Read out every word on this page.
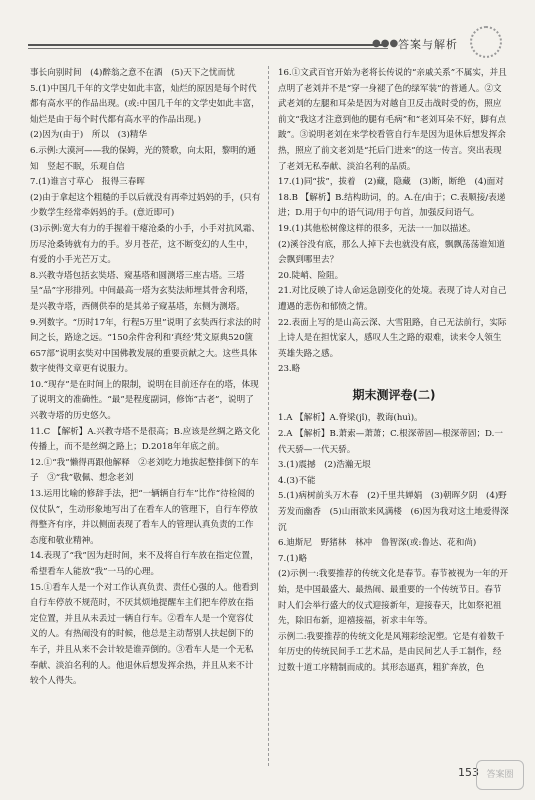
●●● 答案与解析

事长向别时间　(4)醉翁之意不在酒　(5)天下之忧而忧

5.(1)中国几千年的文学史如此丰富，灿烂的原因是每个时代都有高水平的作品出现。(或:中国几千年的文学史如此丰富，灿烂是由于每个时代都有高水平的作品出现。)

(2)因为(由于)　所以　(3)精华

6.示例:大漠河——我的保姆，光的赞歌，向太阳，黎明的通知　竖起不眠，乐观自信

7.(1)谁言寸草心　报得三春晖

(2)由于拿起这个粗糙的手以后就没有再牵过妈妈的手，(只有少数学生经常牵妈妈的手。(意近即可)

(3)示例:宽大有力的手握着干瘪沧桑的小手，小手对抗风霜、历尽沧桑铸就有力的手。岁月苍茫，这不断变幻的人生中，有爱的小手光芒万丈。

8.兴教寺塔包括玄奘塔、窥基塔和圆测塔三座古塔。三塔呈“品”字形排列。中间最高一塔为玄奘法师埋其骨舍利塔，是兴教寺塔，西侧供奉的是其弟子窥基塔，东侧为测塔。

9.列数字。“历时17年，行程5万里”说明了玄奘西行求法的时间之长，路途之远。“150余件舍利和‘真经’梵文原典520箧657部”说明玄奘对中国佛教发展的重要贡献之大。这些具体数字使得文章更有说服力。

10.“现存”是在时间上的限制，说明在目前还存在的塔，体现了说明文的准确性。“最”是程度副词，修饰“古老”，说明了兴教寺塔的历史悠久。

11.C 【解析】A.兴教寺塔不是很高；B.应该是丝绸之路文化传播上，而不是丝绸之路上；D.2018年年底之前。

12.①“我”懒得再跟他解释　②老刘吃力地拔起整排倒下的车子　③“我”敬佩、想念老刘

13.运用比喻的修辞手法，把“一辆辆自行车”比作“待检阅的仪仗队”，生动形象地写出了在看车人的管理下，自行车停放得整齐有序，并以侧面表现了看车人的管理认真负责的工作态度和敬业精神。

14.表现了“我”因为赶时间，来不及将自行车放在指定位置，希望看车人能放“我”一马的心理。

15.①看车人是一个对工作认真负责、责任心强的人。他看到自行车停放不规范时，不厌其烦地提醒车主们把车停放在指定位置，并且从未丢过一辆自行车。②看车人是一个宽容仗义的人。有热闹没有的时候，他总是主动帮别人扶起倒下的车子，并且从来不会计较是谁弄倒的。③看车人是一个无私奉献、淡泊名利的人。他退休后想发挥余热，并且从来不计较个人得失。

16.①文武百官开始为老将长传说的“亲戚关系”不属实，并且点明了老刘并不是“穿一身褪了色的绿军装”的普通人。②文武老刘的左腿和耳朵是因为对越自卫反击战时受的伤，照应前文“我这才注意到他的腿有毛病”和“老刘耳朵不好，脚有点跛”。③说明老刘在来学校看管自行车是因为退休后想发挥余热，照应了前文老刘是“托后门进来”的这一传言。突出表现了老刘无私奉献、淡泊名利的品质。

17.(1)同“拔”，拔着　(2)藏，隐藏　(3)断，断绝　(4)面对

18.B 【解析】B.结构助词，的。A.在/由于；C.表顺接/表递进；D.用于句中的语气词/用于句首，加强反问语气。

19.(1)其他松树像这样的很多，无法一一加以描述。

(2)溪谷没有底，那么人掉下去也就没有底，飘飘荡荡谁知道会飘到哪里去？

20.陡峭、险阻。

21.对比反映了诗人命运急剧变化的处境。表现了诗人对自己遭遇的悲伤和郁愤之情。

22.表面上写的是山高云深、大雪阻路，自己无法前行，实际上诗人是在担忧家人，感叹人生之路的艰难，读来令人领生英雄失路之感。

23.略

期末测评卷(二)

1.A 【解析】A.脊梁(jǐ)，教诲(huì)。

2.A 【解析】B.萧索—萧萧；C.根深蒂固—根深蒂固；D.一代天骄—一代天骄。

3.(1)震撼　(2)浩瀚无垠

4.(3)不能

5.(1)病树前头万木春　(2)千里共婵娟　(3)朝晖夕阴　(4)野芳发而幽香　(5)山雨欲来风满楼　(6)因为我对这土地爱得深沉

6.迪斯尼　野猪林　林冲　鲁智深(或:鲁达、花和尚)

7.(1)略

(2)示例一:我要推荐的传统文化是春节。春节被视为一年的开始，是中国最盛大、最热闹、最重要的一个传统节日。春节时人们会举行盛大的仪式迎接新年，迎接春天，比如祭祀祖先，除旧布新，迎禧接福，祈求丰年等。

示例二:我要推荐的传统文化是风翔彩绘泥塑。它是有着数千年历史的传统民间手工艺术品，是由民间艺人手工制作，经过数十道工序精制而成的。其形态逼真，粗犷奔放，色

153 答案圈
